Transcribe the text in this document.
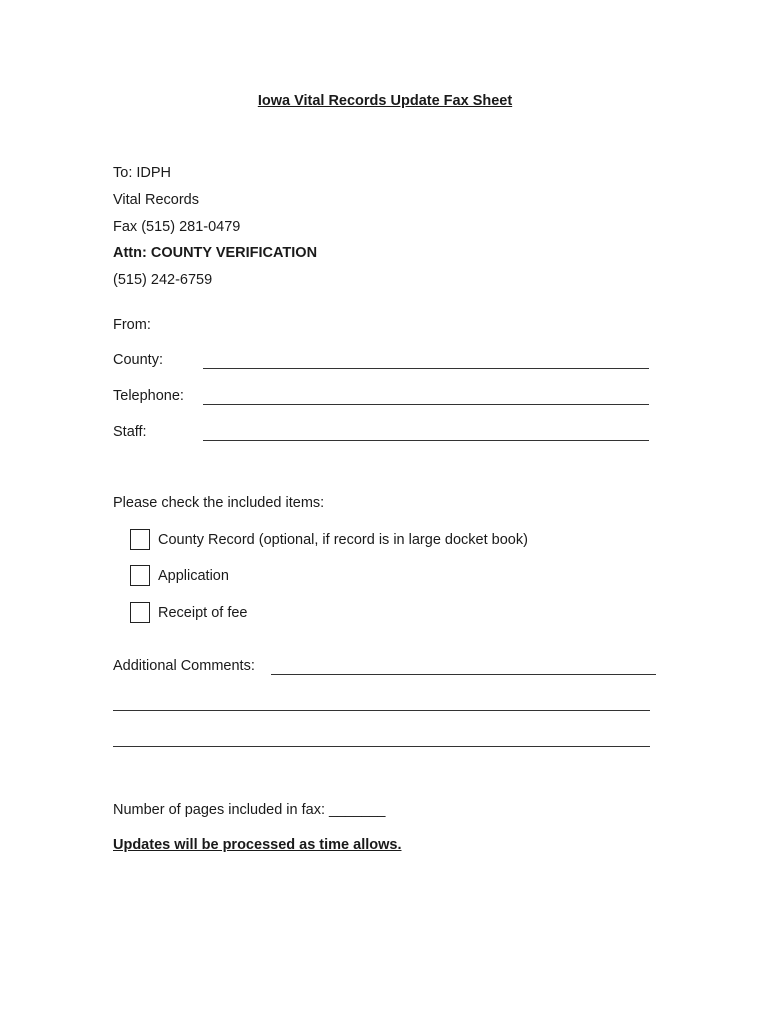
Iowa Vital Records Update Fax Sheet
To: IDPH
Vital Records
Fax (515) 281-0479
Attn: COUNTY VERIFICATION
(515) 242-6759
From:
County:
Telephone:
Staff:
Please check the included items:
County Record (optional, if record is in large docket book)
Application
Receipt of fee
Additional Comments:
Number of pages included in fax: _______
Updates will be processed as time allows.
